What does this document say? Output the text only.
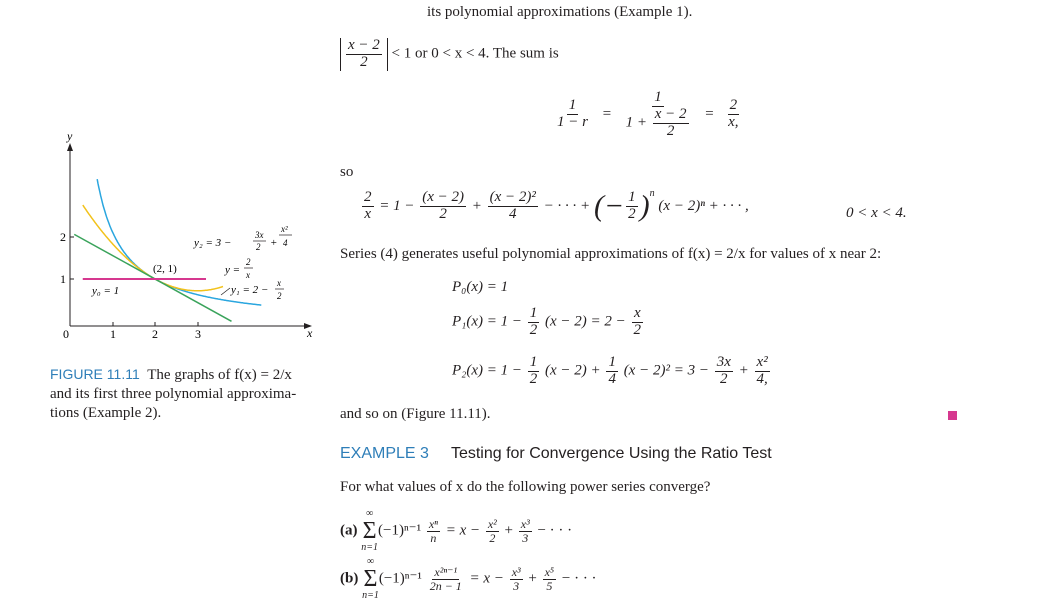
its polynomial approximations (Example 1).
$\frac{x - 2}{2} < 1$ or 0 < x < 4. The sum is
$\frac{1}{1 - r} = \frac{1}{1 + \frac{x - 2}{2}} = \frac{2}{x,}$
so
$\frac{2}{x} = 1 - \frac{(x - 2)}{2} + \frac{\text{(x − 2)²}}{4}$ − · · · + (− $\frac{1}{2} )^n$ (x − 2)ⁿ + · · · ,	0 < x < 4.
Series (4) generates useful polynomial approximations of f(x) = 2/x for values of x near 2:
P₀(x) = 1
$P_1(x) = 1 - \frac{1}{2} (x - 2) = 2 - \frac{x}{2}$
$P_2(x) = 1 - \frac{1}{2} (x - 2) + \frac{1}{4} (x - 2)^2 = 3 - \frac{3x}{2} + \frac{\text{x²}}{4,}$
and so on (Figure 11.11).
EXAMPLE 3 Testing for Convergence Using the Ratio Test
For what values of x do the following power series converge?
(a)
∞
Σ
n=1
$(-1)^{n-1} \frac{\text{xⁿ}}{n} = x - \frac{\text{x²}}{2} + \frac{\text{x³}}{3}$ − · · ·
(b)
∞
Σ
n=1
$(-1)^{n-1} \frac{\text{x²ⁿ⁻¹}}{2n - 1} = x - \frac{\text{x³}}{3} + \frac{\text{x⁵}}{5}$ − · · ·
y
x
0	1	2	3
1
2
(2, 1)
y₀ = 1
y₂ = 3 −
3x
2 +
x²
4
y =
2
x
y₁ = 2 −
x
2
FIGURE 11.11 The graphs of f(x) = 2/x
and its first three polynomial approxima-
tions (Example 2).
